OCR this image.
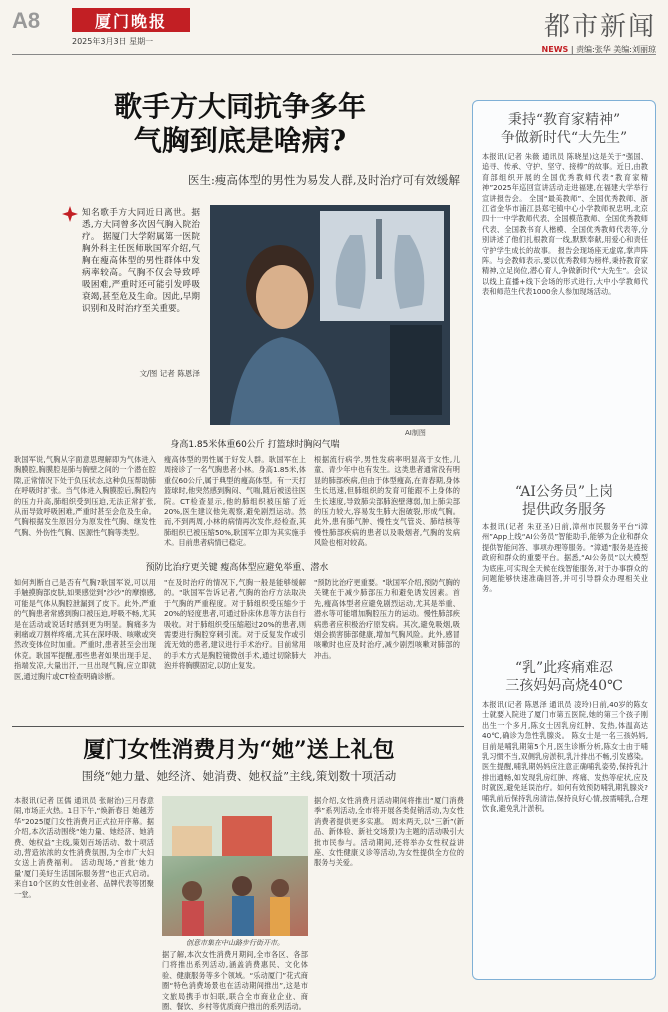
A8	厦门晚报
2025年3月3日 星期一	都市新闻
NEWS | 责编:张华 美编:刘丽琼
歌手方大同抗争多年
气胸到底是啥病?
医生:瘦高体型的男性为易发人群,及时治疗可有效缓解
知名歌手方大同近日离世。据悉,方大同曾多次因气胸入院治疗。 据厦门大学附属第一医院胸外科主任医师耿国军介绍,气胸在瘦高体型的男性群体中发病率较高。气胸不仅会导致呼吸困难,严重时还可能引发呼吸衰竭,甚至危及生命。因此,早期识别和及时治疗至关重要。
文/图 记者 陈恩泽
AI制图
身高1.85米体重60公斤 打篮球时胸闷气喘
耿国军说,气胸从字面意思理解即为气体进入胸膜腔,胸膜腔是肺与胸壁之间的一个潜在腔隙,正常情况下处于负压状态,这种负压帮助肺在呼吸时扩张。当气体进入胸膜腔后,胸腔内的压力升高,肺组织受到压迫,无法正常扩张,从而导致呼吸困难,严重时甚至会危及生命。气胸根据发生原因分为原发性气胸、继发性气胸、外伤性气胸、医源性气胸等类型。
瘦高体型的男性属于好发人群。耿国军在上周接诊了一名气胸患者小林。身高1.85米,体重仅60公斤,属于典型的瘦高体型。有一天打篮球时,他突然感到胸闷、气喘,随后被送往医院。CT检查显示,他的肺组织被压缩了近20%,医生建议他先观察,避免剧烈运动。然而,不到两周,小林的病情再次发作,经检查,其肺组织已被压缩50%,耿国军立即为其实施手术。目前患者病情已稳定。
根据流行病学,男性发病率明显高于女性,儿童、青少年中也有发生。这类患者通常没有明显的肺部疾病,但由于体型瘦高,在青春期,身体生长迅速,但肺组织的发育可能跟不上身体的生长速度,导致肺尖部肺泡壁薄弱,加上肺尖部的压力较大,容易发生肺大泡破裂,形成气胸。此外,患有肺气肿、慢性支气管炎、肺结核等慢性肺部疾病的患者以及吸烟者,气胸的发病风险也相对较高。
预防比治疗更关键 瘦高体型应避免举重、潜水
如何判断自己是否有气胸?耿国军说,可以用手触摸胸部皮肤,如果感觉到"沙沙"的摩擦感,可能是气体从胸腔泄漏到了皮下。此外,严重的气胸患者常感到胸口被压迫,呼吸不畅,尤其是在活动或说话时感到更为明显。胸痛多为刺痛或刀割样疼痛,尤其在深呼吸、咳嗽或突然改变体位时加重。严重时,患者甚至会出现休克。耿国军提醒,那些患者如果出现手足、指端发凉,大量出汗,一旦出现气胸,应立即就医,通过胸片或CT检查明确诊断。
"在及时治疗的情况下,气胸一般是能够缓解的。"耿国军告诉记者,气胸的治疗方法取决于气胸的严重程度。对于肺组织受压缩少于20%的轻度患者,可通过卧床休息等方法自行吸收。对于肺组织受压缩超过20%的患者,则需要进行胸腔穿刺引流。对于反复发作或引流无效的患者,建议进行手术治疗。目前常用的手术方式是胸腔镜微创手术,通过切除肺大泡并将胸膜固定,以防止复发。
"预防比治疗更重要。"耿国军介绍,预防气胸的关键在于减少肺部压力和避免诱发因素。首先,瘦高体型者应避免剧烈运动,尤其是举重、潜水等可能增加胸腔压力的运动。慢性肺部疾病患者应积极治疗原发病。其次,避免吸烟,吸烟会损害肺部健康,增加气胸风险。此外,感冒咳嗽时也应及时治疗,减少剧烈咳嗽对肺部的冲击。
厦门女性消费月为“她”送上礼包
围绕“她力量、她经济、她消费、她权益”主线,策划数十项活动
本报讯(记者 匡儒 通讯员 张耐治)三月春意闹,市场正火热。1日下午,“焕新春日 她越芳华”2025厦门女性消费月正式拉开序幕。据介绍,本次活动围绕“她力量、她经济、她消费、她权益”主线,策划百场活动、数十项活动,营造浓浓的女性消费氛围,为全市广大妇女送上消费福利。 活动现场,“首批‘她力量’厦门美好生活国际服务营”也正式启动。来自10个区的女性创业者、品牌代表等团聚一堂。
创意市集在中山路步行街开市。
据了解,本次女性消费月期间,全市各区、各部门将推出系列活动,涵盖消费惠民、文化体验、健康服务等多个领域。“乐动厦门”花式商圈“特色消费场景也在活动期间推出”,这是市文旅局携手市妇联,联合全市商业企业、商圈、餐饮、乡村等优质商户推出的系列活动。
据介绍,女性消费月活动期间将推出“厦门消费季”系列活动,全市将开展各类促销活动,为女性消费者提供更多实惠。 周末两天,以“三新”(新品、新体验、新社交场景)为主题的活动吸引大批市民参与。活动期间,还将举办女性权益讲座、女性健康义诊等活动,为女性提供全方位的服务与关爱。
秉持“教育家精神”
争做新时代“大先生”
本报讯(记者 朱薇 通讯员 陈晓星)这是关于“强国、追寻、传承、守护、坚守、接棒”的故事。近日,由教育部组织开展的全国优秀教师代表“教育家精神”2025年巡回宣讲活动走进福建,在福建大学举行宣讲报告会。 全国“最美教师”、全国优秀教师、浙江省金华市浦江县郑宅镇中心小学教师祝忠明,北京四十一中学教师代表、全国模范教师、全国优秀教师代表、全国教书育人楷模、全国优秀教师代表等,分别讲述了他们扎根教育一线,默默奉献,用爱心和责任守护学生成长的故事。 报告会现场座无虚席,掌声阵阵。与会教师表示,要以优秀教师为榜样,秉持教育家精神,立足岗位,潜心育人,争做新时代“大先生”。会议以线上直播+线下会场的形式进行,大中小学教师代表和师范生代表1000余人参加现场活动。
“AI公务员”上岗
提供政务服务
本报讯(记者 朱亚圣)日前,漳州市民服务平台“i漳州”App上线“AI公务员”智能助手,能够为企业和群众提供智能问答、事项办理等服务。“漳通”服务是连接政府和群众的重要平台。据悉,“AI公务员”以大模型为底座,可实现全天候在线智能服务,对于办事群众的问题能够快速准确回答,并可引导群众办理相关业务。
“乳”此疼痛难忍
三孩妈妈高烧40℃
本报讯(记者 陈恩泽 通讯员 凌玲)日前,40岁的陈女士就要入院进了厦门市第五医院,她的第三个孩子刚出生一个多月,陈女士因乳房红肿、发热,体温高达40℃,确诊为急性乳腺炎。 陈女士是一名三孩妈妈,目前是哺乳期第5个月,医生诊断分析,陈女士由于哺乳习惯不当,双侧乳房淤积,乳汁排出不畅,引发感染。医生提醒,哺乳期妈妈应注意正确哺乳姿势,保持乳汁排出通畅,如发现乳房红肿、疼痛、发热等症状,应及时就医,避免延误治疗。如何有效预防哺乳期乳腺炎?哺乳前后保持乳房清洁,保持良好心情,按需哺乳,合理饮食,避免乳汁淤积。
